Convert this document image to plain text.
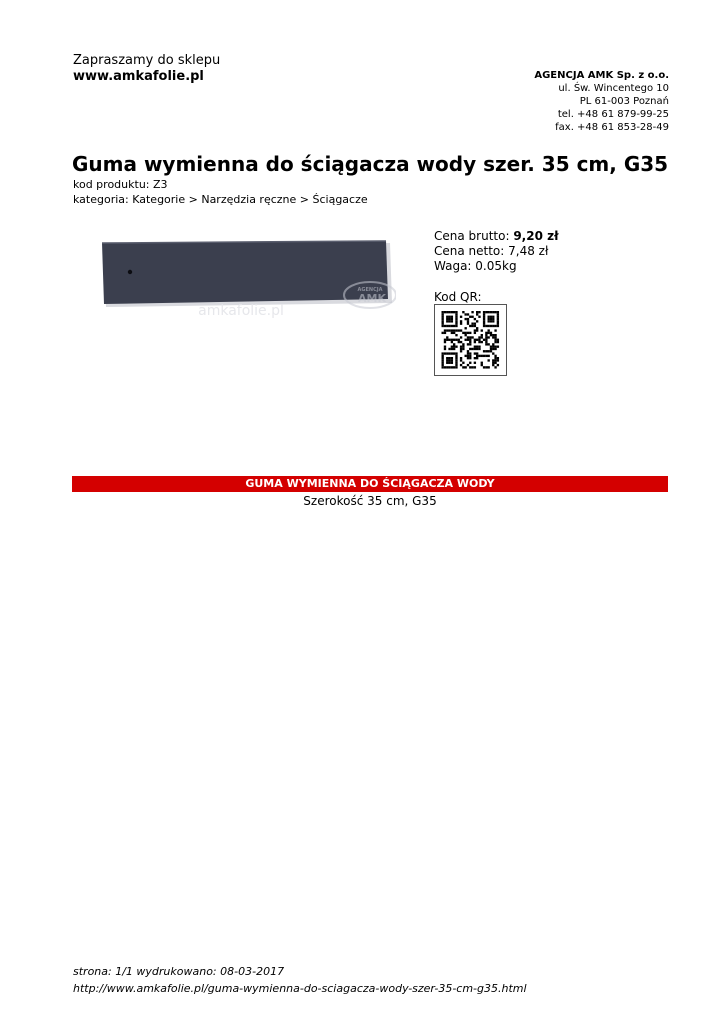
Zapraszamy do sklepu
www.amkafolie.pl	AGENCJA AMK Sp. z o.o.
ul. Św. Wincentego 10
PL 61-003 Poznań
tel. +48 61 879-99-25
fax. +48 61 853-28-49
Guma wymienna do ściągacza wody szer. 35 cm, G35
kod produktu: Z3
kategoria: Kategorie > Narzędzia ręczne > Ściągacze
AGENCJA
AMK
amkafolie.pl
Cena brutto: 9,20 zł
Cena netto: 7,48 zł
Waga: 0.05kg
Kod QR:
GUMA WYMIENNA DO ŚCIĄGACZA WODY
Szerokość 35 cm, G35
strona: 1/1 wydrukowano: 08-03-2017
http://www.amkafolie.pl/guma-wymienna-do-sciagacza-wody-szer-35-cm-g35.html
